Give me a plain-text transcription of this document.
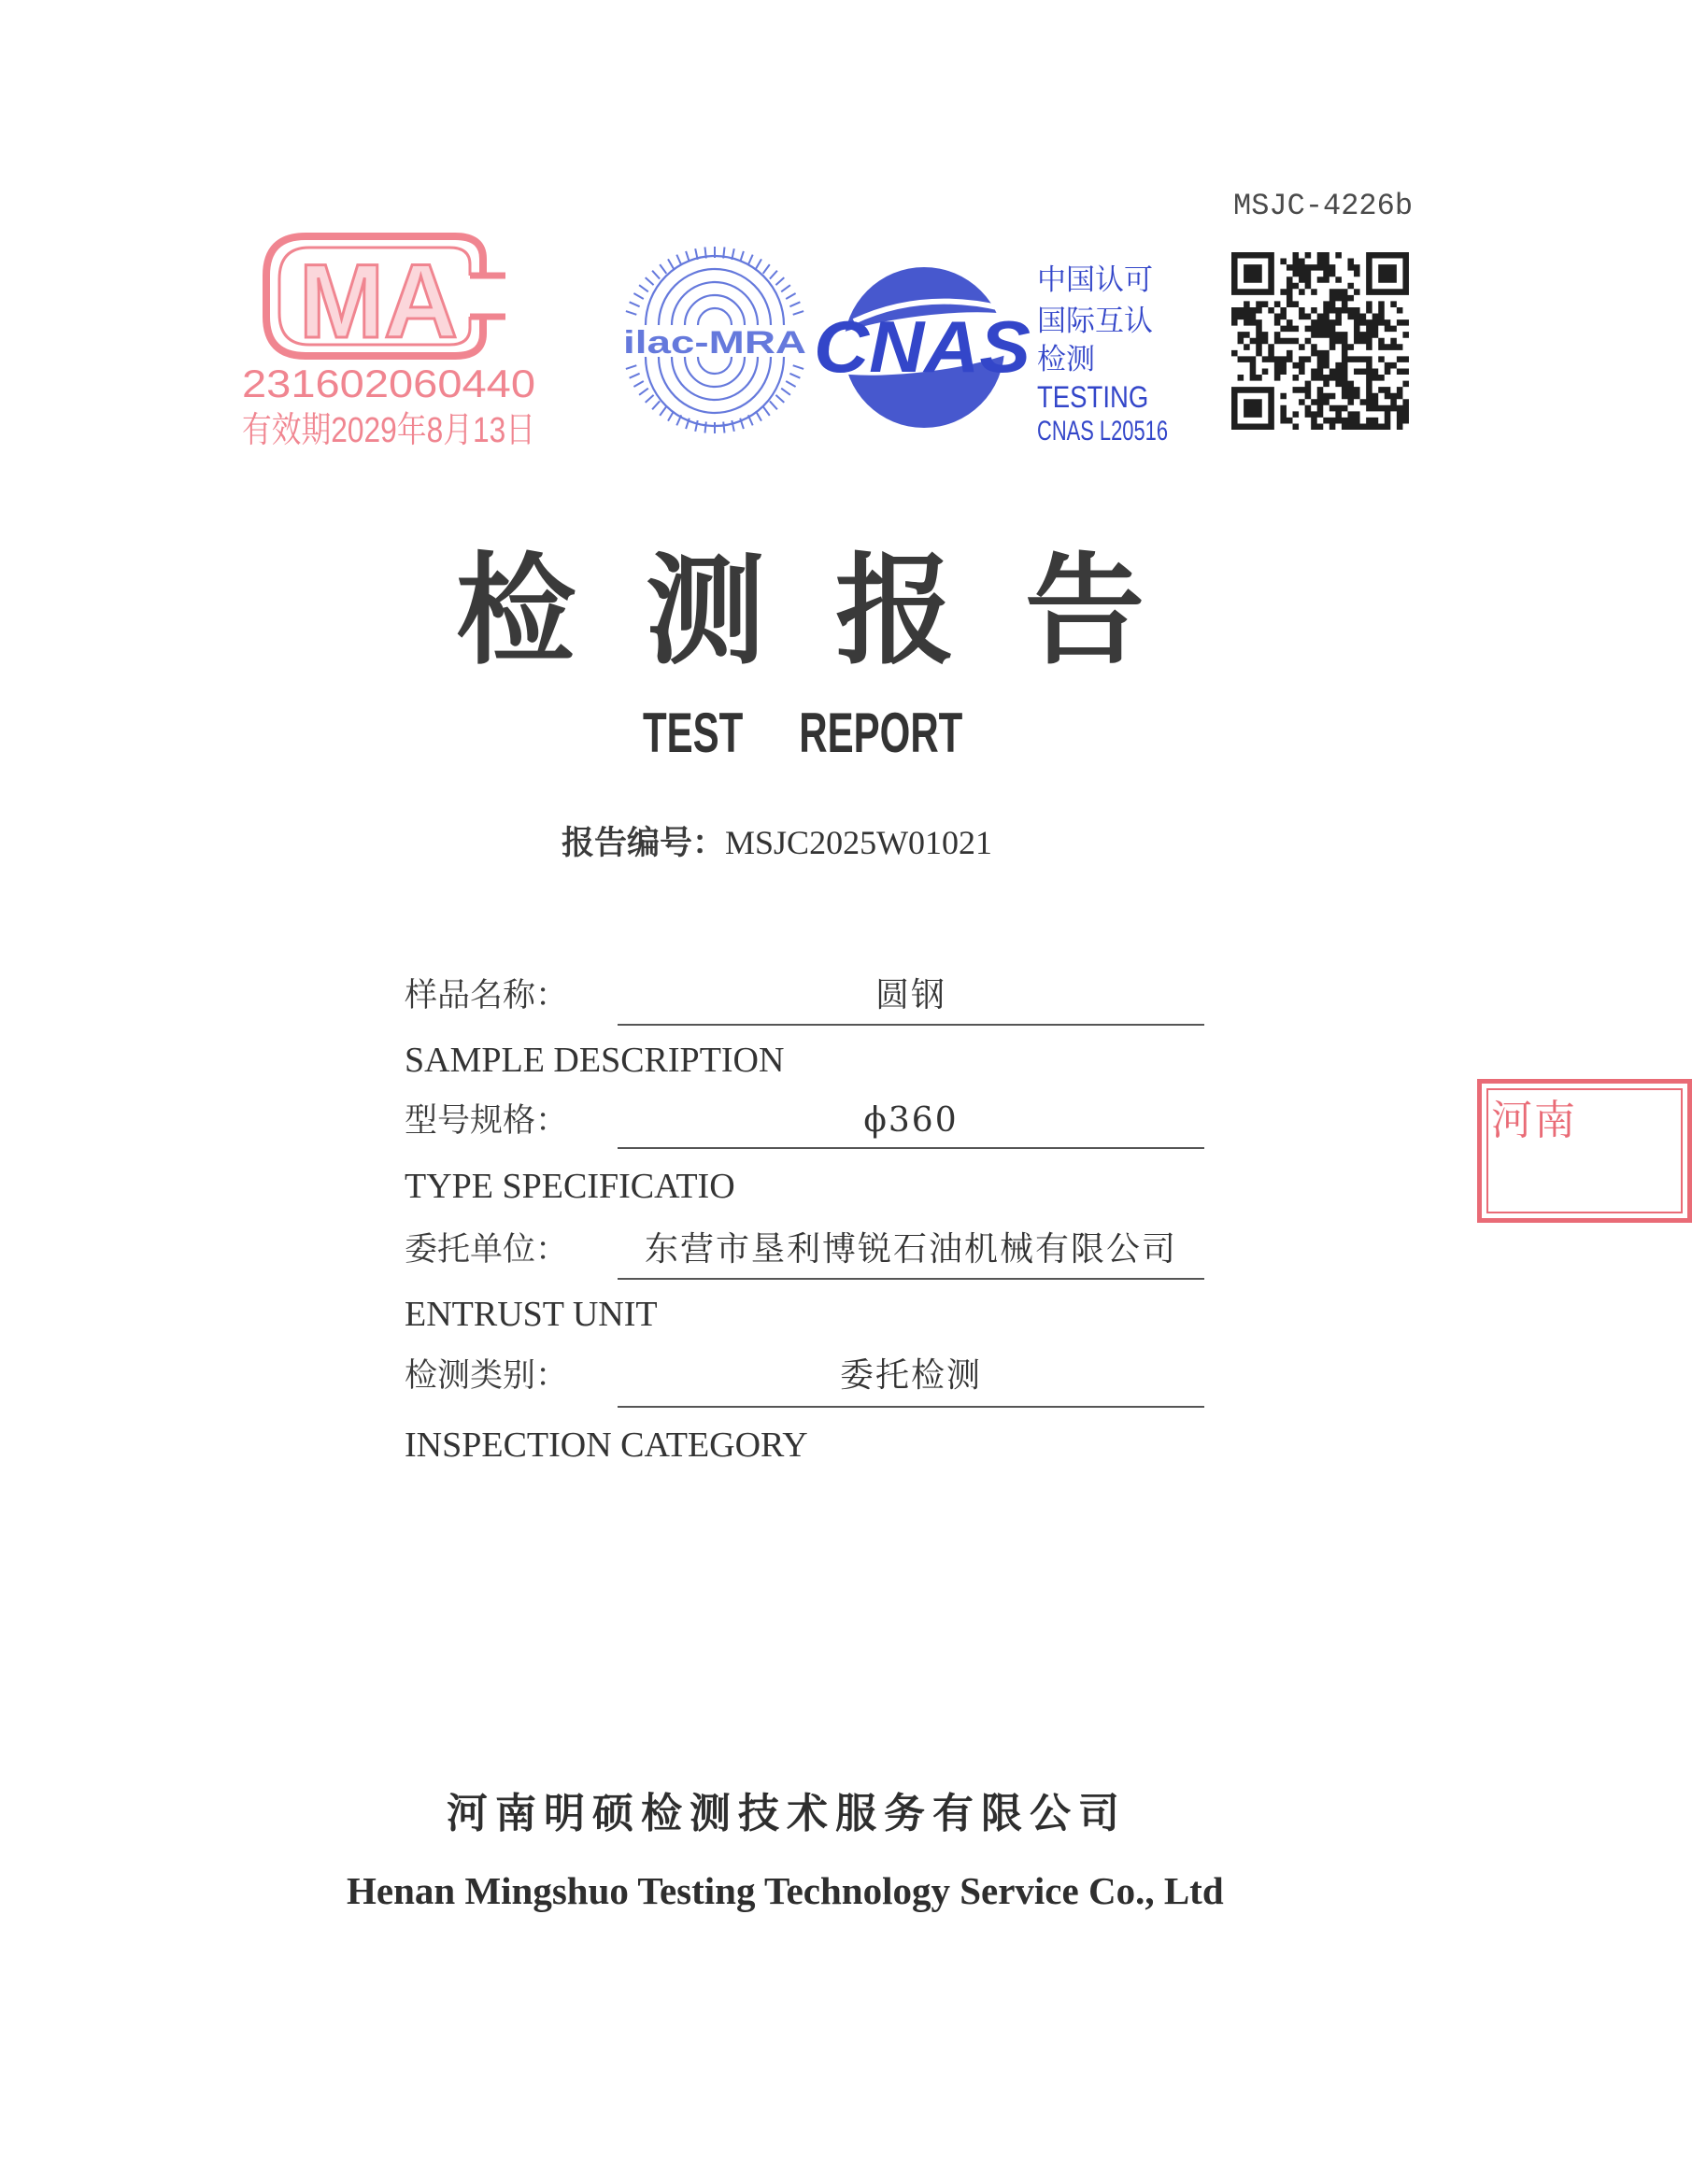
MSJC-4226b
MA
231602060440
有效期2029年8月13日
ilac-MRA CNAS
中国认可
国际互认
检测
TESTING
CNAS L20516
检测报告
TEST REPORT
报告编号：MSJC2025W01021
样品名称：	圆钢
SAMPLE DESCRIPTION
型号规格：	ϕ360
TYPE SPECIFICATIO
委托单位：	东营市垦利博锐石油机械有限公司
ENTRUST UNIT
检测类别：	委托检测
INSPECTION CATEGORY
河南明硕检测技术服务有限公司
Henan Mingshuo Testing Technology Service Co., Ltd
河南
